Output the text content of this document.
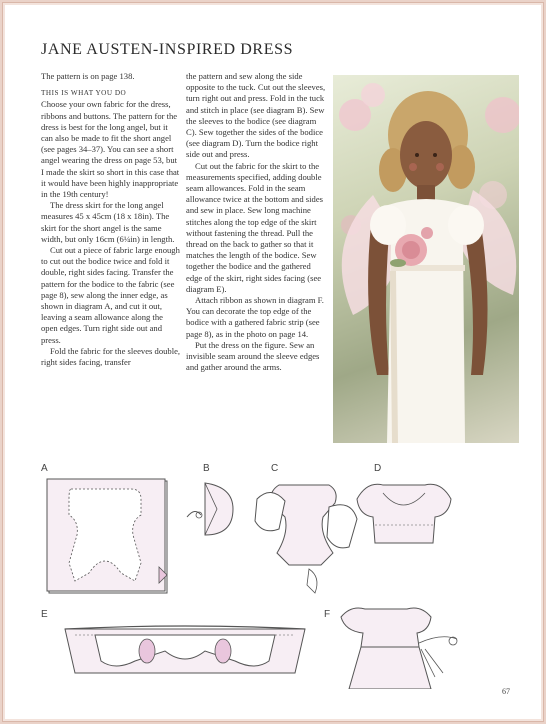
JANE AUSTEN-INSPIRED DRESS

The pattern is on page 138.

THIS IS WHAT YOU DO

Choose your own fabric for the dress, ribbons and buttons. The pattern for the dress is best for the long angel, but it can also be made to fit the short angel (see pages 34–37). You can see a short angel wearing the dress on page 53, but I made the skirt so short in this case that it would have been highly inappropriate in the 19th century!

The dress skirt for the long angel measures 45 x 45cm (18 x 18in). The skirt for the short angel is the same width, but only 16cm (6¼in) in length.

Cut out a piece of fabric large enough to cut out the bodice twice and fold it double, right sides facing. Transfer the pattern for the bodice to the fabric (see page 8), sew along the inner edge, as shown in diagram A, and cut it out, leaving a seam allowance along the open edges. Turn right side out and press.

Fold the fabric for the sleeves double, right sides facing, transfer

the pattern and sew along the side opposite to the tuck. Cut out the sleeves, turn right out and press. Fold in the tuck and stitch in place (see diagram B). Sew the sleeves to the bodice (see diagram C). Sew together the sides of the bodice (see diagram D). Turn the bodice right side out and press.

Cut out the fabric for the skirt to the measurements specified, adding double seam allowances. Fold in the seam allowance twice at the bottom and sides and sew in place. Sew long machine stitches along the top edge of the skirt without fastening the thread. Pull the thread on the back to gather so that it matches the length of the bodice. Sew together the bodice and the gathered edge of the skirt, right sides facing (see diagram E).

Attach ribbon as shown in diagram F. You can decorate the top edge of the bodice with a gathered fabric strip (see page 8), as in the photo on page 14.

Put the dress on the figure. Sew an invisible seam around the sleeve edges and gather around the arms.

A	B	C	D
E	F
67
